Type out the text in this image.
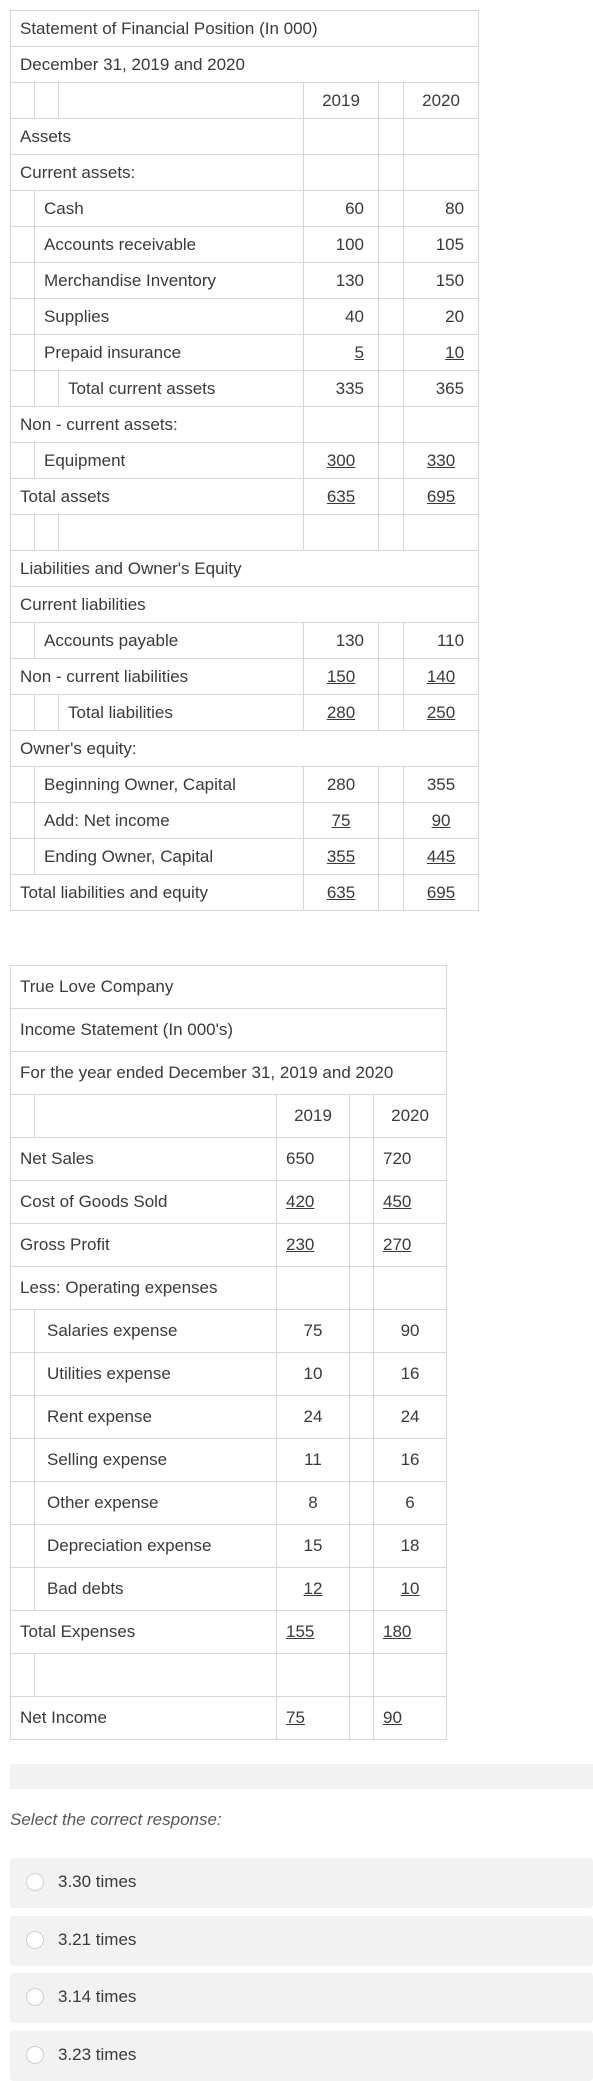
Statement of Financial Position (In 000)					
December 31, 2019 and 2020					
			2019		2020
Assets					
Current assets:					
	Cash		60		80
	Accounts receivable		100		105
	Merchandise Inventory		130		150
	Supplies		40		20
	Prepaid insurance		5		10
		Total current assets	335		365
Non - current assets:					
	Equipment		300		330
Total assets			635		695

Liabilities and Owner's Equity					
Current liabilities					
	Accounts payable		130		110
Non - current liabilities			150		140
		Total liabilities	280		250
Owner's equity:					
	Beginning Owner, Capital		280		355
	Add: Net income		75		90
	Ending Owner, Capital		355		445
Total liabilities and equity			635		695
True Love Company				
Income Statement (In 000's)				
For the year ended December 31, 2019 and 2020				
		2019		2020
Net Sales		650		720
Cost of Goods Sold		420		450
Gross Profit		230		270
Less: Operating expenses				
	Salaries expense	75		90
	Utilities expense	10		16
	Rent expense	24		24
	Selling expense	11		16
	Other expense	8		6
	Depreciation expense	15		18
	Bad debts	12		10
Total Expenses		155		180

Net Income		75		90
Select the correct response:
3.30 times
3.21 times
3.14 times
3.23 times
